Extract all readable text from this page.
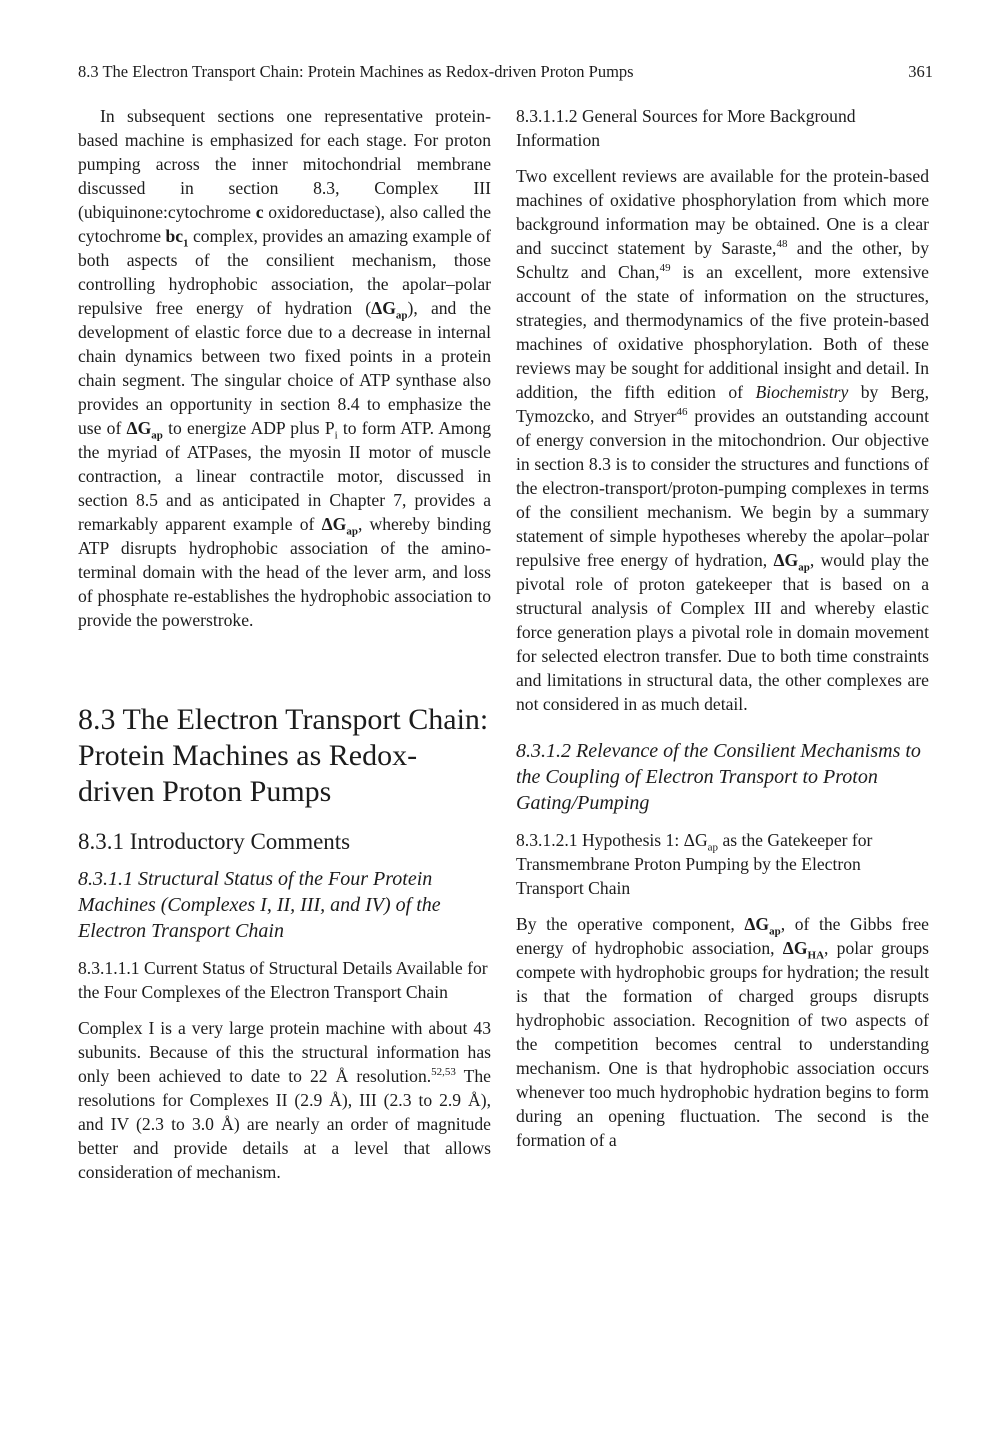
8.3 The Electron Transport Chain: Protein Machines as Redox-driven Proton Pumps	361

In subsequent sections one representative protein-based machine is emphasized for each stage. For proton pumping across the inner mitochondrial membrane discussed in section 8.3, Complex III (ubiquinone:cytochrome c oxidoreductase), also called the cytochrome $bc_1$ complex, provides an amazing example of both aspects of the consilient mechanism, those controlling hydrophobic association, the apolar–polar repulsive free energy of hydration $(\Delta G_{ap})$, and the development of elastic force due to a decrease in internal chain dynamics between two fixed points in a protein chain segment. The singular choice of ATP synthase also provides an opportunity in section 8.4 to emphasize the use of $\Delta G_{ap}$ to energize ADP plus $P_i$ to form ATP. Among the myriad of ATPases, the myosin II motor of muscle contraction, a linear contractile motor, discussed in section 8.5 and as anticipated in Chapter 7, provides a remarkably apparent example of $\Delta G_{ap}$, whereby binding ATP disrupts hydrophobic association of the amino-terminal domain with the head of the lever arm, and loss of phosphate re-establishes the hydrophobic association to provide the powerstroke.

8.3 The Electron Transport Chain: Protein Machines as Redox-driven Proton Pumps
8.3.1 Introductory Comments
8.3.1.1 Structural Status of the Four Protein Machines (Complexes I, II, III, and IV) of the Electron Transport Chain
8.3.1.1.1 Current Status of Structural Details Available for the Four Complexes of the Electron Transport Chain

Complex I is a very large protein machine with about 43 subunits. Because of this the structural information has only been achieved to date to 22 Å resolution.$^{52,53}$ The resolutions for Complexes II (2.9 Å), III (2.3 to 2.9 Å), and IV (2.3 to 3.0 Å) are nearly an order of magnitude better and provide details at a level that allows consideration of mechanism.

8.3.1.1.2 General Sources for More Background Information

Two excellent reviews are available for the protein-based machines of oxidative phosphorylation from which more background information may be obtained. One is a clear and succinct statement by Saraste,$^{48}$ and the other, by Schultz and Chan,$^{49}$ is an excellent, more extensive account of the state of information on the structures, strategies, and thermodynamics of the five protein-based machines of oxidative phosphorylation. Both of these reviews may be sought for additional insight and detail. In addition, the fifth edition of Biochemistry by Berg, Tymozcko, and Stryer$^{46}$ provides an outstanding account of energy conversion in the mitochondrion. Our objective in section 8.3 is to consider the structures and functions of the electron-transport/proton-pumping complexes in terms of the consilient mechanism. We begin by a summary statement of simple hypotheses whereby the apolar–polar repulsive free energy of hydration, $\Delta G_{ap}$, would play the pivotal role of proton gatekeeper that is based on a structural analysis of Complex III and whereby elastic force generation plays a pivotal role in domain movement for selected electron transfer. Due to both time constraints and limitations in structural data, the other complexes are not considered in as much detail.

8.3.1.2 Relevance of the Consilient Mechanisms to the Coupling of Electron Transport to Proton Gating/Pumping
8.3.1.2.1 Hypothesis 1: $\Delta G_{ap}$ as the Gatekeeper for Transmembrane Proton Pumping by the Electron Transport Chain

By the operative component, $\Delta G_{ap}$, of the Gibbs free energy of hydrophobic association, $\Delta G_{HA}$, polar groups compete with hydrophobic groups for hydration; the result is that the formation of charged groups disrupts hydrophobic association. Recognition of two aspects of the competition becomes central to understanding mechanism. One is that hydrophobic association occurs whenever too much hydrophobic hydration begins to form during an opening fluctuation. The second is the formation of a
